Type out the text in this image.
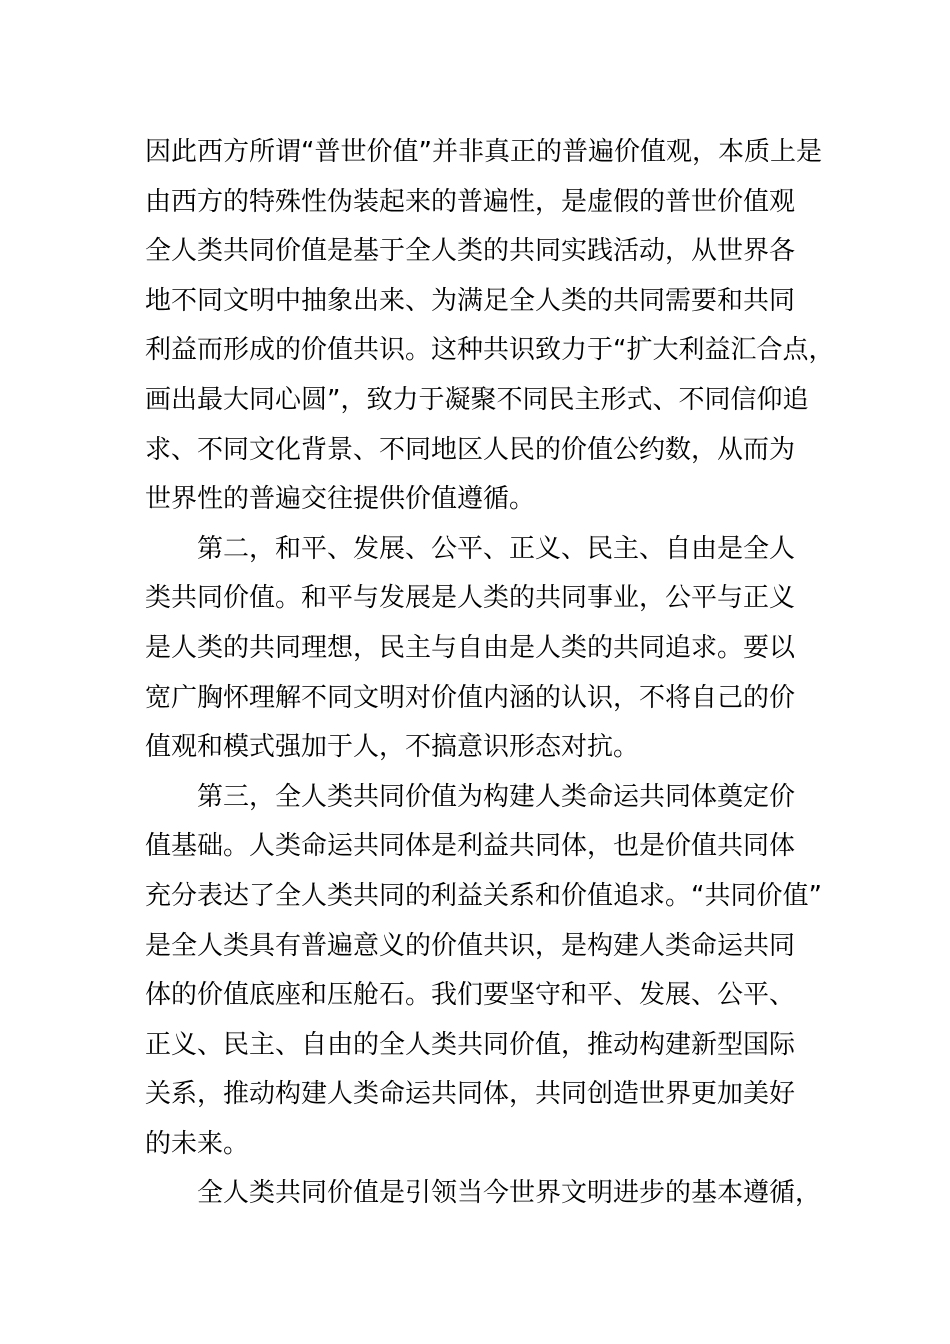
因此西方所谓“普世价值”并非真正的普遍价值观，本质上是
由西方的特殊性伪装起来的普遍性，是虚假的普世价值观
全人类共同价值是基于全人类的共同实践活动，从世界各
地不同文明中抽象出来、为满足全人类的共同需要和共同
利益而形成的价值共识。这种共识致力于“扩大利益汇合点，
画出最大同心圆”，致力于凝聚不同民主形式、不同信仰追
求、不同文化背景、不同地区人民的价值公约数，从而为
世界性的普遍交往提供价值遵循。
第二，和平、发展、公平、正义、民主、自由是全人
类共同价值。和平与发展是人类的共同事业，公平与正义
是人类的共同理想，民主与自由是人类的共同追求。要以
宽广胸怀理解不同文明对价值内涵的认识，不将自己的价
值观和模式强加于人，不搞意识形态对抗。
第三，全人类共同价值为构建人类命运共同体奠定价
值基础。人类命运共同体是利益共同体，也是价值共同体
充分表达了全人类共同的利益关系和价值追求。“共同价值”
是全人类具有普遍意义的价值共识，是构建人类命运共同
体的价值底座和压舱石。我们要坚守和平、发展、公平、
正义、民主、自由的全人类共同价值，推动构建新型国际
关系，推动构建人类命运共同体，共同创造世界更加美好
的未来。
全人类共同价值是引领当今世界文明进步的基本遵循，
